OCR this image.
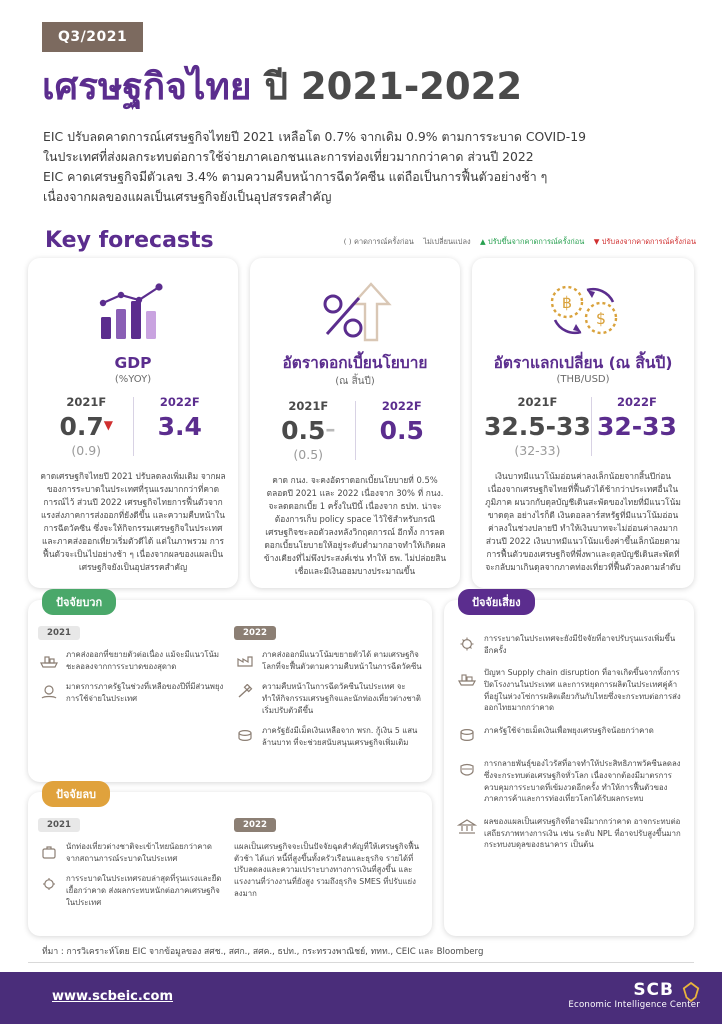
Q3/2021
เศรษฐกิจไทย ปี 2021-2022
EIC ปรับลดคาดการณ์เศรษฐกิจไทยปี 2021 เหลือโต 0.7% จากเดิม 0.9% ตามการระบาด COVID-19
ในประเทศที่ส่งผลกระทบต่อการใช้จ่ายภาคเอกชนและการท่องเที่ยวมากกว่าคาด ส่วนปี 2022
EIC คาดเศรษฐกิจมีตัวเลข 3.4% ตามความคืบหน้าการฉีดวัคซีน แต่ถือเป็นการฟื้นตัวอย่างช้า ๆ
เนื่องจากผลของแผลเป็นเศรษฐกิจยังเป็นอุปสรรคสำคัญ
Key forecasts	( ) คาดการณ์ครั้งก่อน ไม่เปลี่ยนแปลง ▲ ปรับขึ้นจากคาดการณ์ครั้งก่อน ▼ ปรับลงจากคาดการณ์ครั้งก่อน
GDP
(%YOY)
2021F
0.7▼
(0.9)
2022F
3.4
คาดเศรษฐกิจไทยปี 2021 ปรับลดลงเพิ่มเติม จากผลของการระบาดในประเทศที่รุนแรงมากกว่าที่คาดการณ์ไว้ ส่วนปี 2022 เศรษฐกิจไทยการฟื้นตัวจากแรงส่งภาคการส่งออกที่ยังดีขึ้น และความคืบหน้าในการฉีดวัคซีน ซึ่งจะให้กิจกรรมเศรษฐกิจในประเทศและภาคส่งออกเที่ยวเริ่มตัวดีได้ แต่ในภาพรวม การฟื้นตัวจะเป็นไปอย่างช้า ๆ เนื่องจากผลของแผลเป็นเศรษฐกิจยังเป็นอุปสรรคสำคัญ
อัตราดอกเบี้ยนโยบาย
(ณ สิ้นปี)
2021F
0.5–
(0.5)
2022F
0.5
คาด กนง. จะคงอัตราดอกเบี้ยนโยบายที่ 0.5% ตลอดปี 2021 และ 2022 เนื่องจาก 30% ที่ กนง. จะลดดอกเบี้ย 1 ครั้งในปีนี้ เนื่องจาก ธปท. น่าจะต้องการเก็บ policy space ไว้ใช้สำหรับกรณีเศรษฐกิจชะลอตัวลงหลังวิกฤตการณ์ อีกทั้ง การลดดอกเบี้ยนโยบายให้อยู่ระดับต่ำมากอาจทำให้เกิดผลข้างเคียงที่ไม่พึงประสงค์เช่น ทำให้ ธพ. ไม่ปล่อยสินเชื่อและมีเงินออมบางประมาณขึ้น
฿
$
อัตราแลกเปลี่ยน (ณ สิ้นปี)
(THB/USD)
2021F
32.5-33
(32-33)
2022F
32-33
เงินบาทมีแนวโน้มอ่อนค่าลงเล็กน้อยจากสิ้นปีก่อน เนื่องจากเศรษฐกิจไทยที่ฟื้นตัวได้ช้ากว่าประเทศอื่นในภูมิภาค ผนวกกับดุลบัญชีเดินสะพัดของไทยที่มีแนวโน้มขาดดุล อย่างไรก็ดี เงินดอลลาร์สหรัฐที่มีแนวโน้มอ่อนค่าลงในช่วงปลายปี ทำให้เงินบาทจะไม่อ่อนค่าลงมาก ส่วนปี 2022 เงินบาทมีแนวโน้มแข็งค่าขึ้นเล็กน้อยตามการฟื้นตัวของเศรษฐกิจที่พึ่งพาและดุลบัญชีเดินสะพัดที่จะกลับมาเกินดุลจากภาคท่องเที่ยวที่ฟื้นตัวลงตามลำดับ
ปัจจัยบวก
2021
ภาคส่งออกที่ขยายตัวต่อเนื่อง แม้จะมีแนวโน้มชะลอลงจากการระบาดของสุดาด
มาตรการภาครัฐในช่วงที่เหลือของปีที่มีส่วนพยุงการใช้จ่ายในประเทศ
2022
ภาคส่งออกมีแนวโน้มขยายตัวได้ ตามเศรษฐกิจโลกที่จะฟื้นตัวตามความคืบหน้าในการฉีดวัคซีน
ความคืบหน้าในการฉีดวัคซีนในประเทศ จะทำให้กิจกรรมเศรษฐกิจและนักท่องเที่ยวต่างชาติเริ่มปรับตัวดีขึ้น
ภาครัฐยังมีเม็ดเงินเหลือจาก พรก. กู้เงิน 5 แสนล้านบาท ที่จะช่วยสนับสนุนเศรษฐกิจเพิ่มเติม
ปัจจัยลบ
2021
นักท่องเที่ยวต่างชาติจะเข้าไทยน้อยกว่าคาด จากสถานการณ์ระบาดในประเทศ
การระบาดในประเทศรอบล่าสุดที่รุนแรงและยืดเยื้อกว่าคาด ส่งผลกระทบหนักต่อภาคเศรษฐกิจในประเทศ
2022
แผลเป็นเศรษฐกิจจะเป็นปัจจัยฉุดสำคัญที่ให้เศรษฐกิจฟื้นตัวช้า ได้แก่ หนี้ที่สูงขึ้นทั้งครัวเรือนและธุรกิจ รายได้ที่ปรับลดลงและความเปราะบางทางการเงินที่สูงขึ้น และแรงงานที่ว่างงานที่ยังสูง รวมถึงธุรกิจ SMES ที่ปรับแย่งลงมาก
ปัจจัยเสี่ยง
การระบาดในประเทศจะยังมีปัจจัยที่อาจปรับรุนแรงเพิ่มขึ้นอีกครั้ง
ปัญหา Supply chain disruption ที่อาจเกิดขึ้นจากทั้งการปิดโรงงานในประเทศ และการหยุดการผลิตในประเทศคู่ค้าที่อยู่ในห่วงโซ่การผลิตเดียวกันกับไทยซึ่งจะกระทบต่อการส่งออกไทยมากกว่าคาด
ภาครัฐใช้จ่ายเม็ดเงินเพื่อพยุงเศรษฐกิจน้อยกว่าคาด
การกลายพันธุ์ของไวรัสที่อาจทำให้ประสิทธิภาพวัคซีนลดลง ซึ่งจะกระทบต่อเศรษฐกิจทั่วโลก เนื่องจากต้องมีมาตรการควบคุมการระบาดที่เข้มงวดอีกครั้ง ทำให้การฟื้นตัวของภาคการค้าและการท่องเที่ยวโลกได้รับผลกระทบ
ผลของแผลเป็นเศรษฐกิจที่อาจมีมากกว่าคาด อาจกระทบต่อเสถียรภาพทางการเงิน เช่น ระดับ NPL ที่อาจปรับสูงขึ้นมากกระทบงบดุลของธนาคาร เป็นต้น
ที่มา : การวิเคราะห์โดย EIC จากข้อมูลของ สศช., สศก., สศค., ธปท., กระทรวงพาณิชย์, ททท., CEIC และ Bloomberg
www.scbeic.com	SCB
Economic Intelligence Center
